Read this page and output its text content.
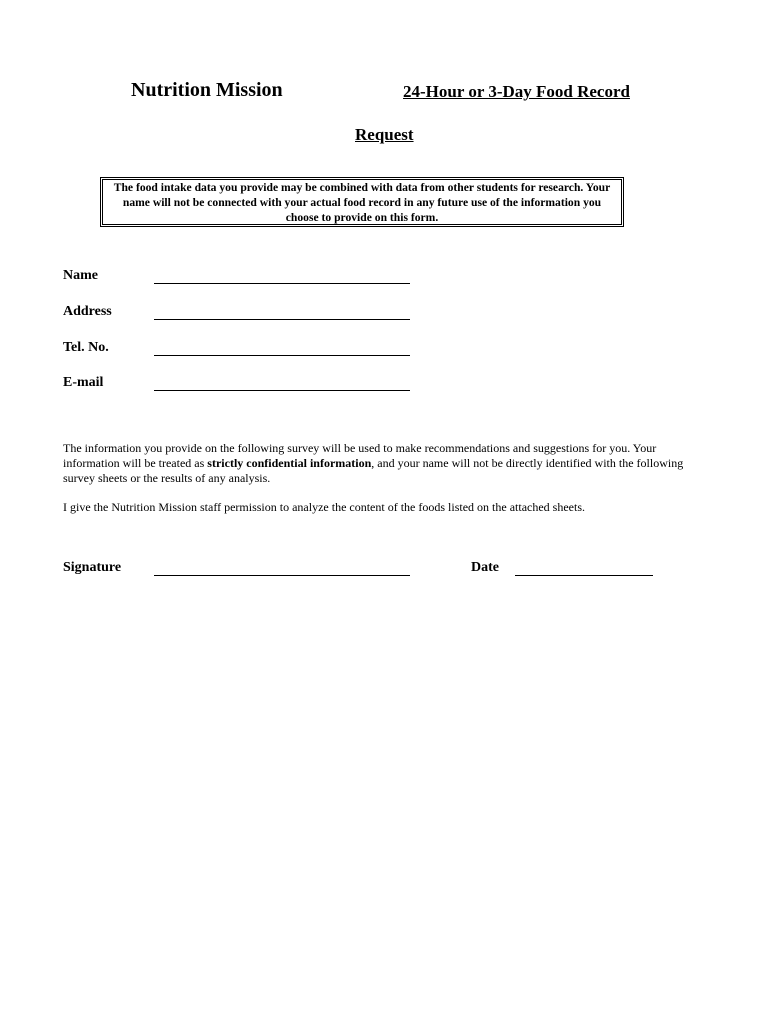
Nutrition Mission	24-Hour or 3-Day Food Record
Request
The food intake data you provide may be combined with data from other students for research. Your name will not be connected with your actual food record in any future use of the information you choose to provide on this form.
Name
Address
Tel. No.
E-mail
The information you provide on the following survey will be used to make recommendations and suggestions for you. Your information will be treated as strictly confidential information, and your name will not be directly identified with the following survey sheets or the results of any analysis.
I give the Nutrition Mission staff permission to analyze the content of the foods listed on the attached sheets.
Signature	Date
